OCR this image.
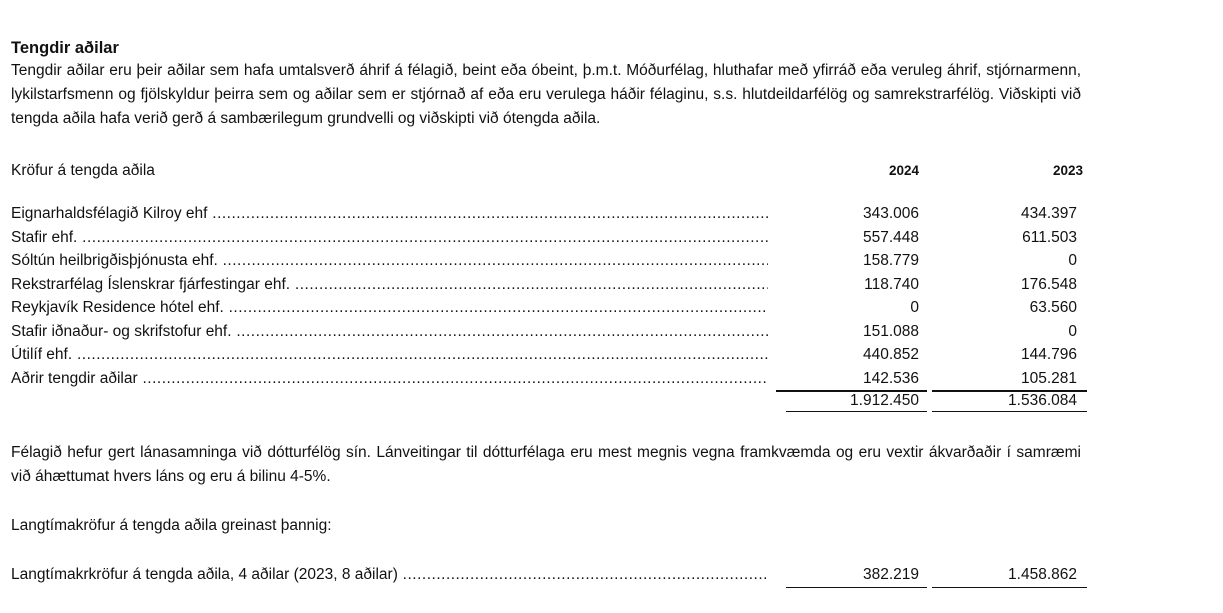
Tengdir aðilar

Tengdir aðilar eru þeir aðilar sem hafa umtalsverð áhrif á félagið, beint eða óbeint, þ.m.t. Móðurfélag, hluthafar með yfirráð eða veruleg áhrif, stjórnarmenn, lykilstarfsmenn og fjölskyldur þeirra sem og aðilar sem er stjórnað af eða eru verulega háðir félaginu, s.s. hlutdeildarfélög og samrekstrarfélög. Viðskipti við tengda aðila hafa verið gerð á sambærilegum grundvelli og viðskipti við ótengda aðila.

Kröfur á tengda aðila	2024	2023
Eignarhaldsfélagið Kilroy ehf .....	343.006	434.397
Stafir ehf. .....	557.448	611.503
Sóltún heilbrigðisþjónusta ehf. .....	158.779	0
Rekstrarfélag Íslenskrar fjárfestingar ehf. .....	118.740	176.548
Reykjavík Residence hótel ehf. .....	0	63.560
Stafir iðnaður- og skrifstofur ehf. .....	151.088	0
Útilíf ehf. .....	440.852	144.796
Aðrir tengdir aðilar .....	142.536	105.281
1.912.450	1.536.084

Félagið hefur gert lánasamninga við dótturfélög sín. Lánveitingar til dótturfélaga eru mest megnis vegna framkvæmda og eru vextir ákvarðaðir í samræmi við áhættumat hvers láns og eru á bilinu 4-5%.

Langtímakröfur á tengda aðila greinast þannig:

Langtímakrkröfur á tengda aðila, 4 aðilar (2023, 8 aðilar) .....	382.219	1.458.862
